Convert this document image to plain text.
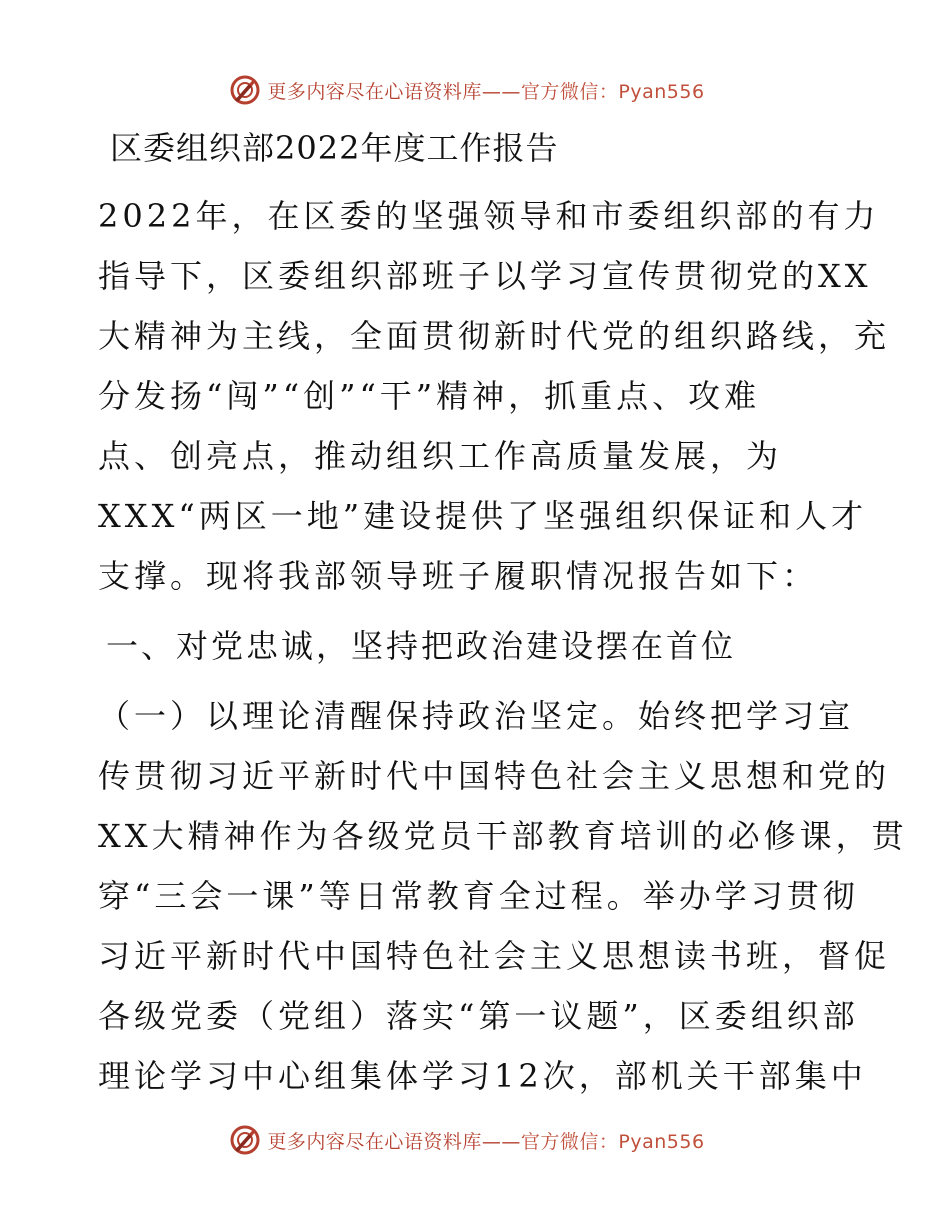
更多内容尽在心语资料库——官方微信：Pyan556
区委组织部2022年度工作报告
2022年，在区委的坚强领导和市委组织部的有力
指导下，区委组织部班子以学习宣传贯彻党的XX
大精神为主线，全面贯彻新时代党的组织路线，充
分发扬“闯”“创”“干”精神，抓重点、攻难
点、创亮点，推动组织工作高质量发展，为
XXX“两区一地”建设提供了坚强组织保证和人才
支撑。现将我部领导班子履职情况报告如下：
一、对党忠诚，坚持把政治建设摆在首位
（一）以理论清醒保持政治坚定。始终把学习宣
传贯彻习近平新时代中国特色社会主义思想和党的
XX大精神作为各级党员干部教育培训的必修课，贯
穿“三会一课”等日常教育全过程。举办学习贯彻
习近平新时代中国特色社会主义思想读书班，督促
各级党委（党组）落实“第一议题”，区委组织部
理论学习中心组集体学习12次，部机关干部集中
更多内容尽在心语资料库——官方微信：Pyan556
